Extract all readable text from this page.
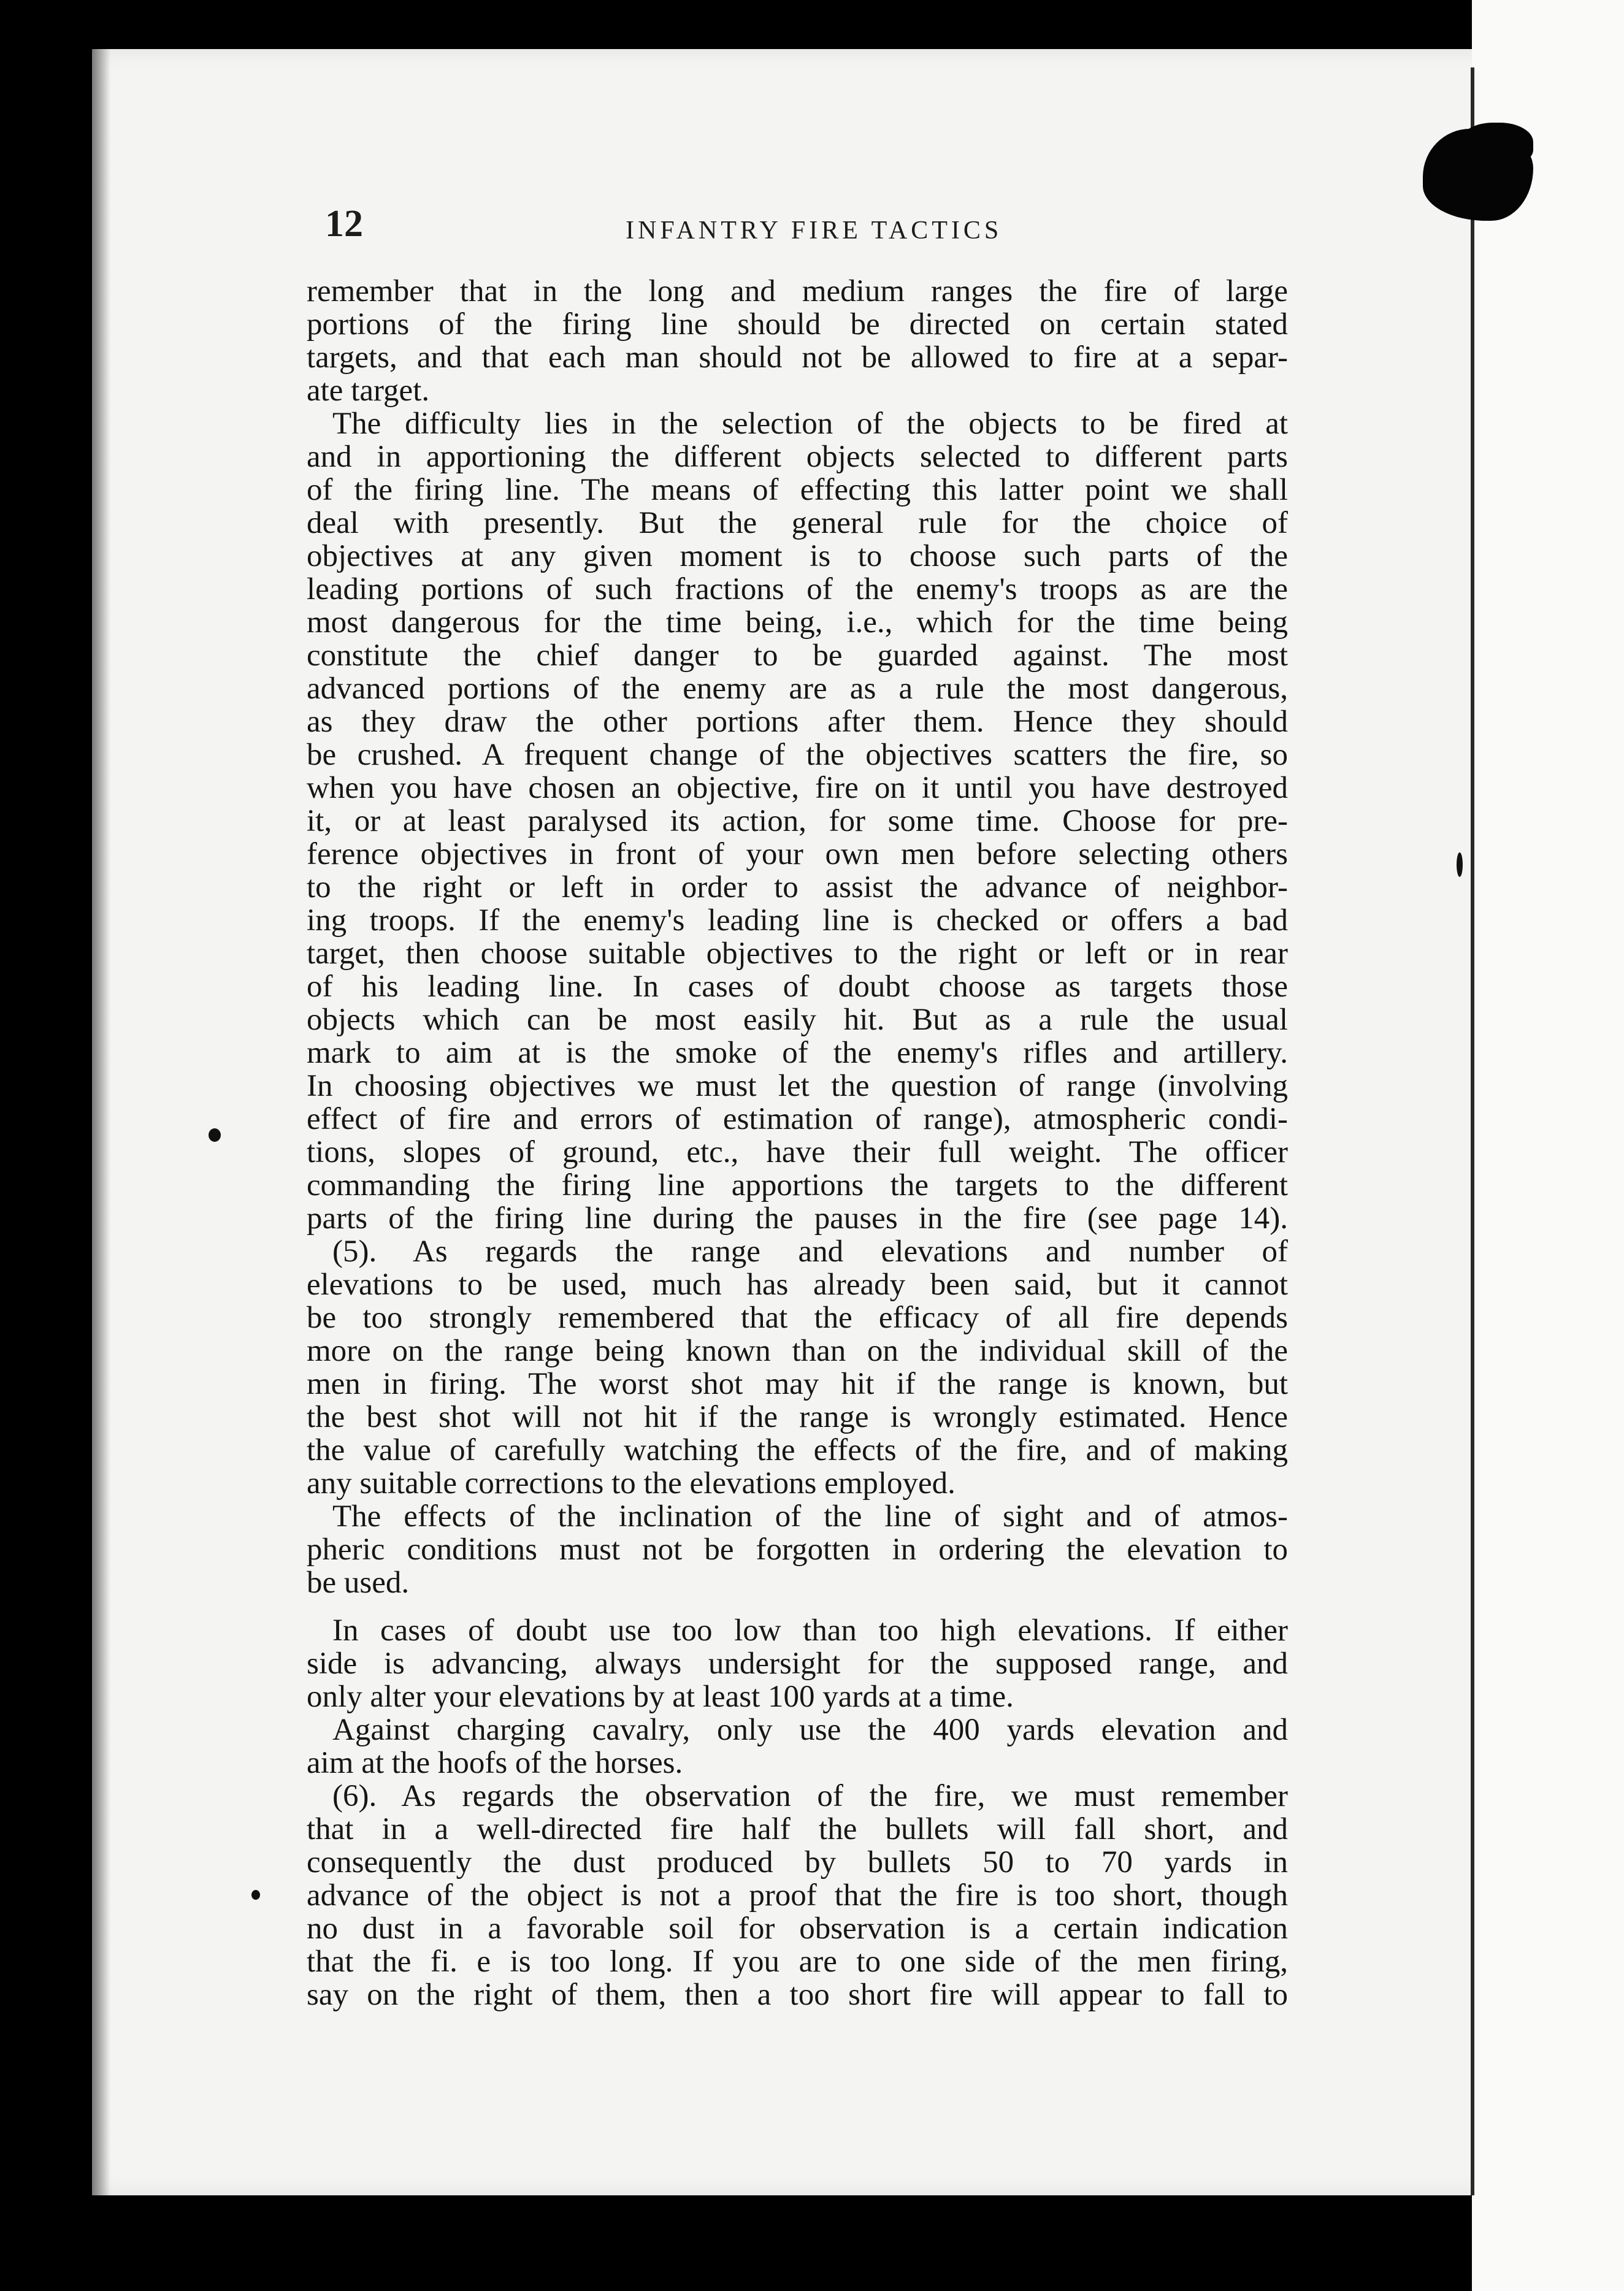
12	INFANTRY FIRE TACTICS
remember that in the long and medium ranges the fire of large
portions of the firing line should be directed on certain stated
targets, and that each man should not be allowed to fire at a separ-
ate target.
The difficulty lies in the selection of the objects to be fired at
and in apportioning the different objects selected to different parts
of the firing line. The means of effecting this latter point we shall
deal with presently. But the general rule for the choice of
objectives at any given moment is to choose such parts of the
leading portions of such fractions of the enemy's troops as are the
most dangerous for the time being, i.e., which for the time being
constitute the chief danger to be guarded against. The most
advanced portions of the enemy are as a rule the most dangerous,
as they draw the other portions after them. Hence they should
be crushed. A frequent change of the objectives scatters the fire, so
when you have chosen an objective, fire on it until you have destroyed
it, or at least paralysed its action, for some time. Choose for pre-
ference objectives in front of your own men before selecting others
to the right or left in order to assist the advance of neighbor-
ing troops. If the enemy's leading line is checked or offers a bad
target, then choose suitable objectives to the right or left or in rear
of his leading line. In cases of doubt choose as targets those
objects which can be most easily hit. But as a rule the usual
mark to aim at is the smoke of the enemy's rifles and artillery.
In choosing objectives we must let the question of range (involving
effect of fire and errors of estimation of range), atmospheric condi-
tions, slopes of ground, etc., have their full weight. The officer
commanding the firing line apportions the targets to the different
parts of the firing line during the pauses in the fire (see page 14).
(5). As regards the range and elevations and number of
elevations to be used, much has already been said, but it cannot
be too strongly remembered that the efficacy of all fire depends
more on the range being known than on the individual skill of the
men in firing. The worst shot may hit if the range is known, but
the best shot will not hit if the range is wrongly estimated. Hence
the value of carefully watching the effects of the fire, and of making
any suitable corrections to the elevations employed.
The effects of the inclination of the line of sight and of atmos-
pheric conditions must not be forgotten in ordering the elevation to
be used.
In cases of doubt use too low than too high elevations. If either
side is advancing, always undersight for the supposed range, and
only alter your elevations by at least 100 yards at a time.
Against charging cavalry, only use the 400 yards elevation and
aim at the hoofs of the horses.
(6). As regards the observation of the fire, we must remember
that in a well-directed fire half the bullets will fall short, and
consequently the dust produced by bullets 50 to 70 yards in
advance of the object is not a proof that the fire is too short, though
no dust in a favorable soil for observation is a certain indication
that the fi. e is too long. If you are to one side of the men firing,
say on the right of them, then a too short fire will appear to fall to
